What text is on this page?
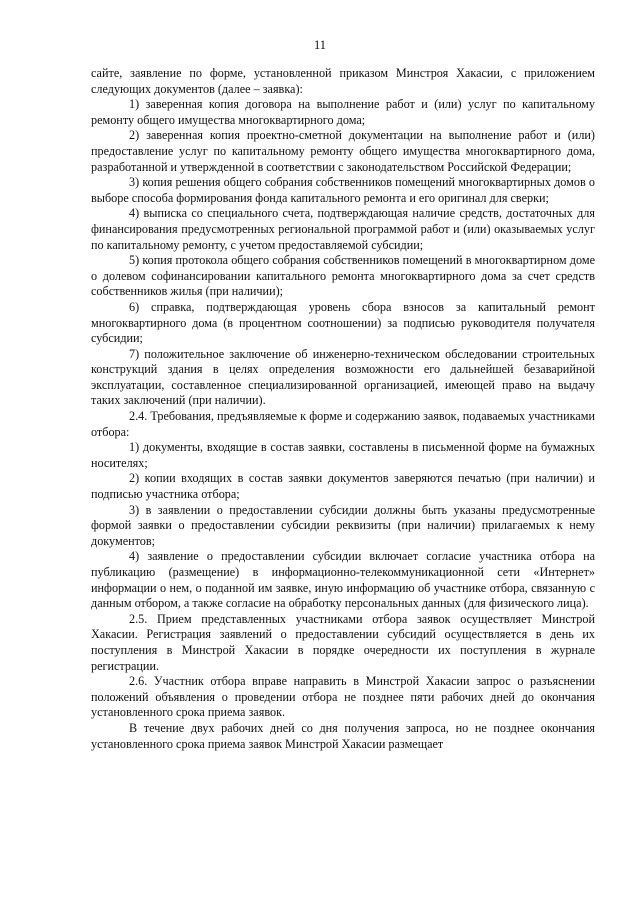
11

сайте, заявление по форме, установленной приказом Минстроя Хакасии, с приложением следующих документов (далее – заявка):

1) заверенная копия договора на выполнение работ и (или) услуг по капитальному ремонту общего имущества многоквартирного дома;

2) заверенная копия проектно-сметной документации на выполнение работ и (или) предоставление услуг по капитальному ремонту общего имущества многоквартирного дома, разработанной и утвержденной в соответствии с законодательством Российской Федерации;

3) копия решения общего собрания собственников помещений многоквартирных домов о выборе способа формирования фонда капитального ремонта и его оригинал для сверки;

4) выписка со специального счета, подтверждающая наличие средств, достаточных для финансирования предусмотренных региональной программой работ и (или) оказываемых услуг по капитальному ремонту, с учетом предоставляемой субсидии;

5) копия протокола общего собрания собственников помещений в многоквартирном доме о долевом софинансировании капитального ремонта многоквартирного дома за счет средств собственников жилья (при наличии);

6) справка, подтверждающая уровень сбора взносов за капитальный ремонт многоквартирного дома (в процентном соотношении) за подписью руководителя получателя субсидии;

7) положительное заключение об инженерно-техническом обследовании строительных конструкций здания в целях определения возможности его дальнейшей безаварийной эксплуатации, составленное специализированной организацией, имеющей право на выдачу таких заключений (при наличии).

2.4. Требования, предъявляемые к форме и содержанию заявок, подаваемых участниками отбора:

1) документы, входящие в состав заявки, составлены в письменной форме на бумажных носителях;

2) копии входящих в состав заявки документов заверяются печатью (при наличии) и подписью участника отбора;

3) в заявлении о предоставлении субсидии должны быть указаны предусмотренные формой заявки о предоставлении субсидии реквизиты (при наличии) прилагаемых к нему документов;

4) заявление о предоставлении субсидии включает согласие участника отбора на публикацию (размещение) в информационно-телекоммуникационной сети «Интернет» информации о нем, о поданной им заявке, иную информацию об участнике отбора, связанную с данным отбором, а также согласие на обработку персональных данных (для физического лица).

2.5. Прием представленных участниками отбора заявок осуществляет Минстрой Хакасии. Регистрация заявлений о предоставлении субсидий осуществляется в день их поступления в Минстрой Хакасии в порядке очередности их поступления в журнале регистрации.

2.6. Участник отбора вправе направить в Минстрой Хакасии запрос о разъяснении положений объявления о проведении отбора не позднее пяти рабочих дней до окончания установленного срока приема заявок.

В течение двух рабочих дней со дня получения запроса, но не позднее окончания установленного срока приема заявок Минстрой Хакасии размещает
